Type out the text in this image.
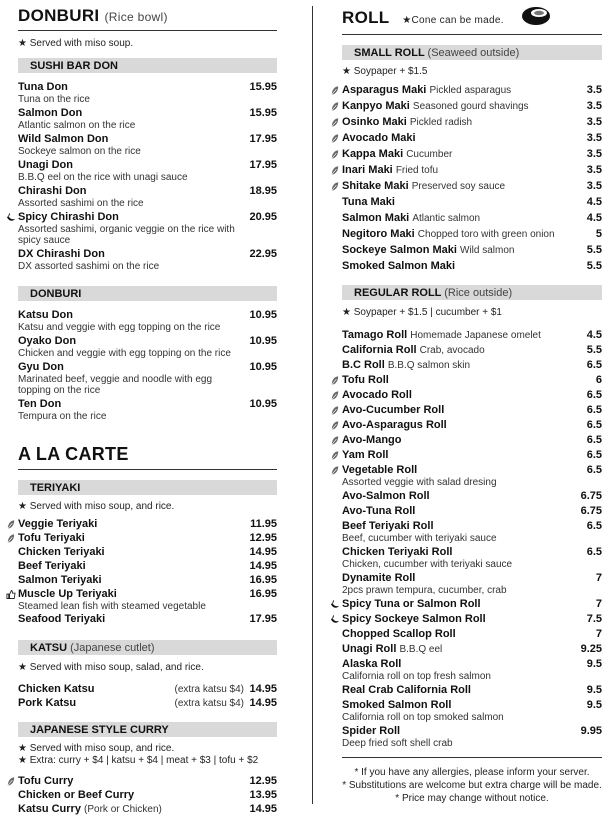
DONBURI (Rice bowl)
★ Served with miso soup.
SUSHI BAR DON
Tuna Don	15.95
Tuna on the rice
Salmon Don	15.95
Atlantic salmon on the rice
Wild Salmon Don	17.95
Sockeye salmon on the rice
Unagi Don	17.95
B.B.Q eel on the rice with unagi sauce
Chirashi Don	18.95
Assorted sashimi on the rice
Spicy Chirashi Don	20.95
Assorted sashimi, organic veggie on the rice with spicy sauce
DX Chirashi Don	22.95
DX assorted sashimi on the rice
DONBURI
Katsu Don	10.95
Katsu and veggie with egg topping on the rice
Oyako Don	10.95
Chicken and veggie with egg topping on the rice
Gyu Don	10.95
Marinated beef, veggie and noodle with egg topping on the rice
Ten Don	10.95
Tempura on the rice
A LA CARTE
TERIYAKI
★ Served with miso soup, and rice.
Veggie Teriyaki	11.95
Tofu Teriyaki	12.95
Chicken Teriyaki	14.95
Beef Teriyaki	14.95
Salmon Teriyaki	16.95
Muscle Up Teriyaki	16.95
Steamed lean fish with steamed vegetable
Seafood Teriyaki	17.95
KATSU (Japanese cutlet)
★ Served with miso soup, salad, and rice.
Chicken Katsu	(extra katsu $4) 14.95
Pork Katsu	(extra katsu $4) 14.95
JAPANESE STYLE CURRY
★ Served with miso soup, and rice.
★ Extra: curry + $4 | katsu + $4 | meat + $3 | tofu + $2
Tofu Curry	12.95
Chicken or Beef Curry	13.95
Katsu Curry (Pork or Chicken)	14.95
ROLL ★Cone can be made.
SMALL ROLL (Seaweed outside)
★ Soypaper + $1.5
Asparagus Maki Pickled asparagus	3.5
Kanpyo Maki Seasoned gourd shavings	3.5
Osinko Maki Pickled radish	3.5
Avocado Maki	3.5
Kappa Maki Cucumber	3.5
Inari Maki Fried tofu	3.5
Shitake Maki Preserved soy sauce	3.5
Tuna Maki	4.5
Salmon Maki Atlantic salmon	4.5
Negitoro Maki Chopped toro with green onion	5
Sockeye Salmon Maki Wild salmon	5.5
Smoked Salmon Maki	5.5
REGULAR ROLL (Rice outside)
★ Soypaper + $1.5 | cucumber + $1
Tamago Roll Homemade Japanese omelet	4.5
California Roll Crab, avocado	5.5
B.C Roll B.B.Q salmon skin	6.5
Tofu Roll	6
Avocado Roll	6.5
Avo-Cucumber Roll	6.5
Avo-Asparagus Roll	6.5
Avo-Mango	6.5
Yam Roll	6.5
Vegetable Roll	6.5
Assorted veggie with salad dresing
Avo-Salmon Roll	6.75
Avo-Tuna Roll	6.75
Beef Teriyaki Roll	6.5
Beef, cucumber with teriyaki sauce
Chicken Teriyaki Roll	6.5
Chicken, cucumber with teriyaki sauce
Dynamite Roll	7
2pcs prawn tempura, cucumber, crab
Spicy Tuna or Salmon Roll	7
Spicy Sockeye Salmon Roll	7.5
Chopped Scallop Roll	7
Unagi Roll B.B.Q eel	9.25
Alaska Roll	9.5
California roll on top fresh salmon
Real Crab California Roll	9.5
Smoked Salmon Roll	9.5
California roll on top smoked salmon
Spider Roll	9.95
Deep fried soft shell crab
* If you have any allergies, please inform your server.
* Substitutions are welcome but extra charge will be made.
* Price may change without notice.
